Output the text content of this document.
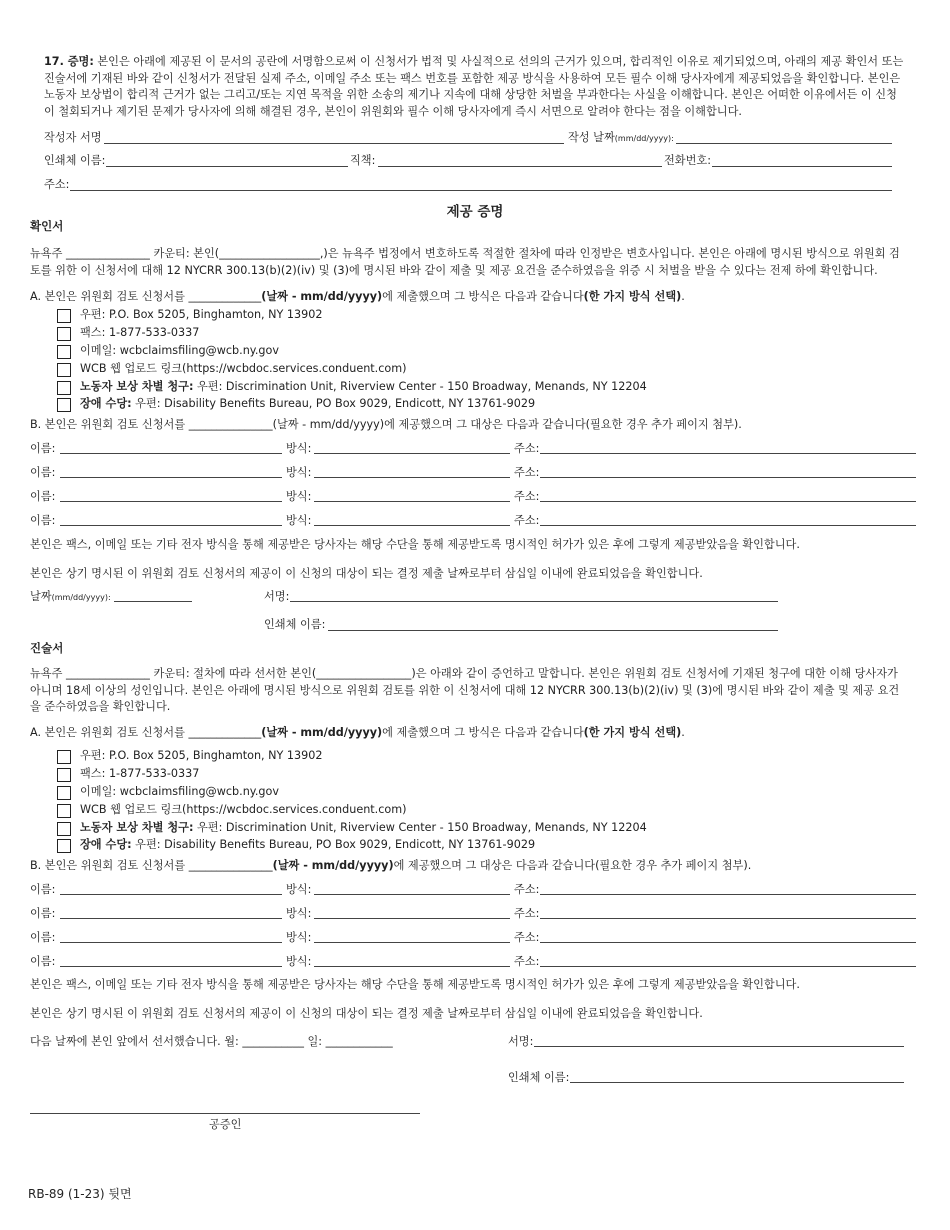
17. 증명: 본인은 아래에 제공된 이 문서의 공란에 서명함으로써 이 신청서가 법적 및 사실적으로 선의의 근거가 있으며, 합리적인 이유로 제기되었으며, 아래의 제공 확인서 또는 진술서에 기재된 바와 같이 신청서가 전달된 실제 주소, 이메일 주소 또는 팩스 번호를 포함한 제공 방식을 사용하여 모든 필수 이해 당사자에게 제공되었음을 확인합니다. 본인은 노동자 보상법이 합리적 근거가 없는 그리고/또는 지연 목적을 위한 소송의 제기나 지속에 대해 상당한 처벌을 부과한다는 사실을 이해합니다. 본인은 어떠한 이유에서든 이 신청이 철회되거나 제기된 문제가 당사자에 의해 해결된 경우, 본인이 위원회와 필수 이해 당사자에게 즉시 서면으로 알려야 한다는 점을 이해합니다.
작성자 서명	작성 날짜(mm/dd/yyyy):
인쇄체 이름:	직책:	전화번호:
주소:
제공 증명
확인서
뉴욕주 _______________ 카운티: 본인(__________________,)은 뉴욕주 법정에서 변호하도록 적절한 절차에 따라 인정받은 변호사입니다. 본인은 아래에 명시된 방식으로 위원회 검토를 위한 이 신청서에 대해 12 NYCRR 300.13(b)(2)(iv) 및 (3)에 명시된 바와 같이 제출 및 제공 요건을 준수하였음을 위증 시 처벌을 받을 수 있다는 전제 하에 확인합니다.
A. 본인은 위원회 검토 신청서를 _____________(날짜 - mm/dd/yyyy)에 제출했으며 그 방식은 다음과 같습니다(한 가지 방식 선택).
우편: P.O. Box 5205, Binghamton, NY 13902
팩스: 1-877-533-0337
이메일: wcbclaimsfiling@wcb.ny.gov
WCB 웹 업로드 링크(https://wcbdoc.services.conduent.com)
노동자 보상 차별 청구: 우편: Discrimination Unit, Riverview Center - 150 Broadway, Menands, NY 12204
장애 수당: 우편: Disability Benefits Bureau, PO Box 9029, Endicott, NY 13761-9029
B. 본인은 위원회 검토 신청서를 _______________(날짜 - mm/dd/yyyy)에 제공했으며 그 대상은 다음과 같습니다(필요한 경우 추가 페이지 첨부).
이름:	방식:	주소:
이름:	방식:	주소:
이름:	방식:	주소:
이름:	방식:	주소:
본인은 팩스, 이메일 또는 기타 전자 방식을 통해 제공받은 당사자는 해당 수단을 통해 제공받도록 명시적인 허가가 있은 후에 그렇게 제공받았음을 확인합니다.
본인은 상기 명시된 이 위원회 검토 신청서의 제공이 이 신청의 대상이 되는 결정 제출 날짜로부터 삼십일 이내에 완료되었음을 확인합니다.
날짜(mm/dd/yyyy):	서명:
인쇄체 이름:
진술서
뉴욕주 _______________ 카운티: 절차에 따라 선서한 본인(_________________)은 아래와 같이 증언하고 말합니다. 본인은 위원회 검토 신청서에 기재된 청구에 대한 이해 당사자가 아니며 18세 이상의 성인입니다. 본인은 아래에 명시된 방식으로 위원회 검토를 위한 이 신청서에 대해 12 NYCRR 300.13(b)(2)(iv) 및 (3)에 명시된 바와 같이 제출 및 제공 요건을 준수하였음을 확인합니다.
A. 본인은 위원회 검토 신청서를 _____________(날짜 - mm/dd/yyyy)에 제출했으며 그 방식은 다음과 같습니다(한 가지 방식 선택).
우편: P.O. Box 5205, Binghamton, NY 13902
팩스: 1-877-533-0337
이메일: wcbclaimsfiling@wcb.ny.gov
WCB 웹 업로드 링크(https://wcbdoc.services.conduent.com)
노동자 보상 차별 청구: 우편: Discrimination Unit, Riverview Center - 150 Broadway, Menands, NY 12204
장애 수당: 우편: Disability Benefits Bureau, PO Box 9029, Endicott, NY 13761-9029
B. 본인은 위원회 검토 신청서를 _______________(날짜 - mm/dd/yyyy)에 제공했으며 그 대상은 다음과 같습니다(필요한 경우 추가 페이지 첨부).
이름:	방식:	주소:
이름:	방식:	주소:
이름:	방식:	주소:
이름:	방식:	주소:
본인은 팩스, 이메일 또는 기타 전자 방식을 통해 제공받은 당사자는 해당 수단을 통해 제공받도록 명시적인 허가가 있은 후에 그렇게 제공받았음을 확인합니다.
본인은 상기 명시된 이 위원회 검토 신청서의 제공이 이 신청의 대상이 되는 결정 제출 날짜로부터 삼십일 이내에 완료되었음을 확인합니다.
다음 날짜에 본인 앞에서 선서했습니다. 월: ___________ 일: ____________	서명:
인쇄체 이름:
공증인
RB-89 (1-23) 뒷면
